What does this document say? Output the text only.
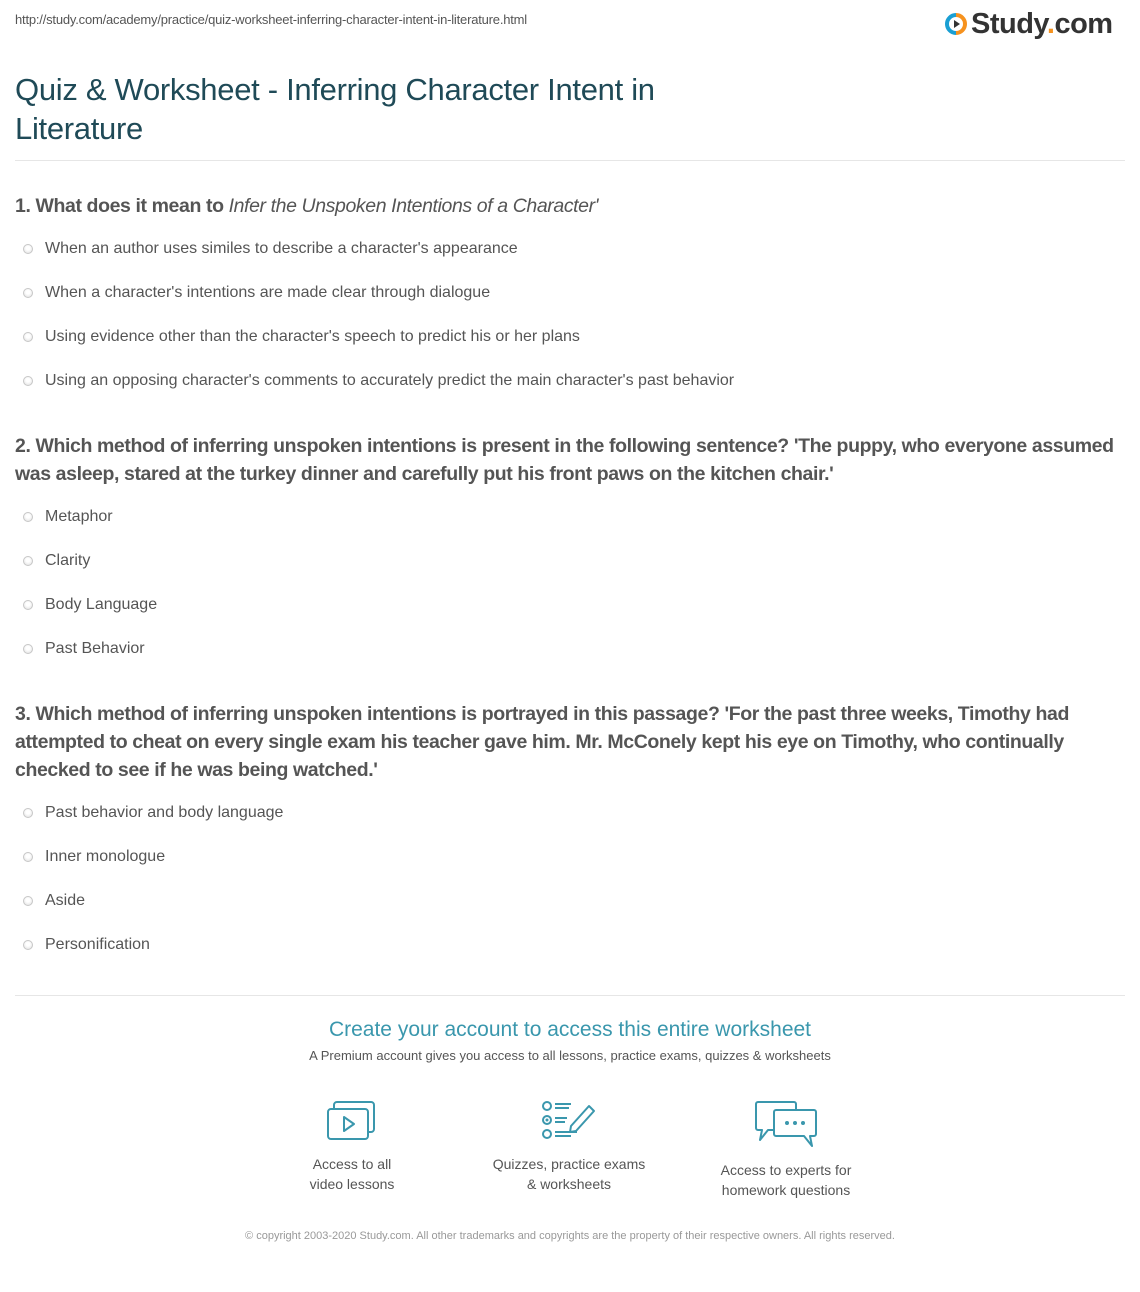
http://study.com/academy/practice/quiz-worksheet-inferring-character-intent-in-literature.html	Study.com
Quiz & Worksheet - Inferring Character Intent in Literature
1. What does it mean to Infer the Unspoken Intentions of a Character'
When an author uses similes to describe a character's appearance
When a character's intentions are made clear through dialogue
Using evidence other than the character's speech to predict his or her plans
Using an opposing character's comments to accurately predict the main character's past behavior
2. Which method of inferring unspoken intentions is present in the following sentence? 'The puppy, who everyone assumed was asleep, stared at the turkey dinner and carefully put his front paws on the kitchen chair.'
Metaphor
Clarity
Body Language
Past Behavior
3. Which method of inferring unspoken intentions is portrayed in this passage? 'For the past three weeks, Timothy had attempted to cheat on every single exam his teacher gave him. Mr. McConely kept his eye on Timothy, who continually checked to see if he was being watched.'
Past behavior and body language
Inner monologue
Aside
Personification
Create your account to access this entire worksheet
A Premium account gives you access to all lessons, practice exams, quizzes & worksheets
Access to all
video lessons
Quizzes, practice exams
& worksheets
Access to experts for
homework questions
© copyright 2003-2020 Study.com. All other trademarks and copyrights are the property of their respective owners. All rights reserved.
